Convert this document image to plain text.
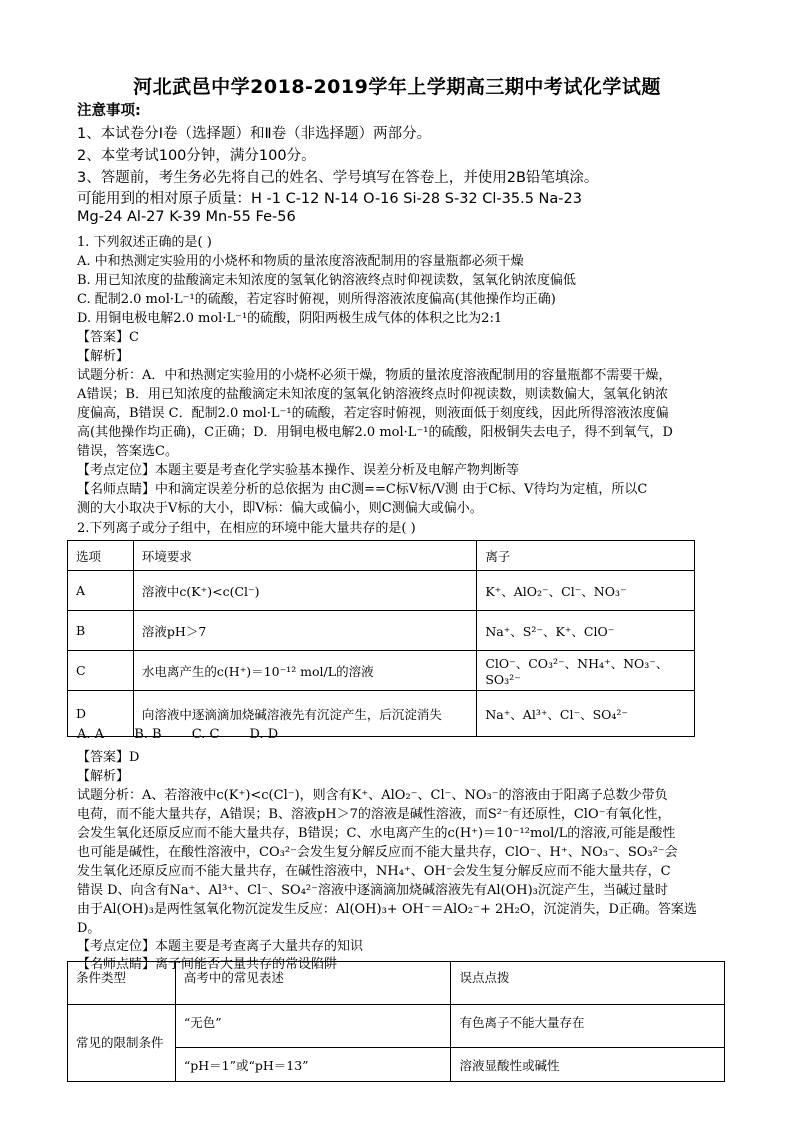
河北武邑中学2018-2019学年上学期高三期中考试化学试题
注意事项:
1、本试卷分Ⅰ卷（选择题）和Ⅱ卷（非选择题）两部分。
2、本堂考试100分钟，满分100分。
3、答题前，考生务必先将自己的姓名、学号填写在答卷上，并使用2B铅笔填涂。
可能用到的相对原子质量：H -1 C-12 N-14 O-16 Si-28 S-32 Cl-35.5 Na-23
Mg-24 Al-27 K-39 Mn-55 Fe-56
1. 下列叙述正确的是( )
A. 中和热测定实验用的小烧杯和物质的量浓度溶液配制用的容量瓶都必须干燥
B. 用已知浓度的盐酸滴定未知浓度的氢氧化钠溶液终点时仰视读数，氢氧化钠浓度偏低
C. 配制2.0 mol·L⁻¹的硫酸，若定容时俯视，则所得溶液浓度偏高(其他操作均正确)
D. 用铜电极电解2.0 mol·L⁻¹的硫酸，阴阳两极生成气体的体积之比为2:1
【答案】C
【解析】
试题分析：A．中和热测定实验用的小烧杯必须干燥，物质的量浓度溶液配制用的容量瓶都不需要干燥，
A错误；B．用已知浓度的盐酸滴定未知浓度的氢氧化钠溶液终点时仰视读数，则读数偏大，氢氧化钠浓
度偏高，B错误 C．配制2.0 mol·L⁻¹的硫酸，若定容时俯视，则液面低于刻度线，因此所得溶液浓度偏
高(其他操作均正确)，C正确；D．用铜电极电解2.0 mol·L⁻¹的硫酸，阳极铜失去电子，得不到氧气，D
错误，答案选C。
【考点定位】本题主要是考查化学实验基本操作、误差分析及电解产物判断等
【名师点睛】中和滴定误差分析的总依据为 由C测==C标V标/V测 由于C标、V待均为定植，所以C
测的大小取决于V标的大小，即V标：偏大或偏小，则C测偏大或偏小。
2.下列离子或分子组中，在相应的环境中能大量共存的是( )
选项	环境要求	离子
A	溶液中c(K⁺)<c(Cl⁻)	K⁺、AlO₂⁻、Cl⁻、NO₃⁻
B	溶液pH＞7	Na⁺、S²⁻、K⁺、ClO⁻
C	水电离产生的c(H⁺)＝10⁻¹² mol/L的溶液	ClO⁻、CO₃²⁻、NH₄⁺、NO₃⁻、SO₃²⁻
D	向溶液中逐滴滴加烧碱溶液先有沉淀产生，后沉淀消失	Na⁺、Al³⁺、Cl⁻、SO₄²⁻
A. A B. B C. C D. D
【答案】D
【解析】
试题分析：A、若溶液中c(K⁺)<c(Cl⁻)，则含有K⁺、AlO₂⁻、Cl⁻、NO₃⁻的溶液由于阳离子总数少带负
电荷，而不能大量共存，A错误；B、溶液pH＞7的溶液是碱性溶液，而S²⁻有还原性，ClO⁻有氧化性，
会发生氧化还原反应而不能大量共存，B错误；C、水电离产生的c(H⁺)＝10⁻¹²mol/L的溶液,可能是酸性
也可能是碱性，在酸性溶液中，CO₃²⁻会发生复分解反应而不能大量共存，ClO⁻、H⁺、NO₃⁻、SO₃²⁻会
发生氧化还原反应而不能大量共存，在碱性溶液中，NH₄⁺、OH⁻会发生复分解反应而不能大量共存，C
错误 D、向含有Na⁺、Al³⁺、Cl⁻、SO₄²⁻溶液中逐滴滴加烧碱溶液先有Al(OH)₃沉淀产生，当碱过量时
由于Al(OH)₃是两性氢氧化物沉淀发生反应：Al(OH)₃+ OH⁻＝AlO₂⁻+ 2H₂O，沉淀消失，D正确。答案选
D。
【考点定位】本题主要是考查离子大量共存的知识
【名师点睛】离子间能否大量共存的常设陷阱
条件类型	高考中的常见表述	误点点拨
常见的限制条件	“无色”	有色离子不能大量存在
	“pH＝1”或“pH＝13”	溶液显酸性或碱性
